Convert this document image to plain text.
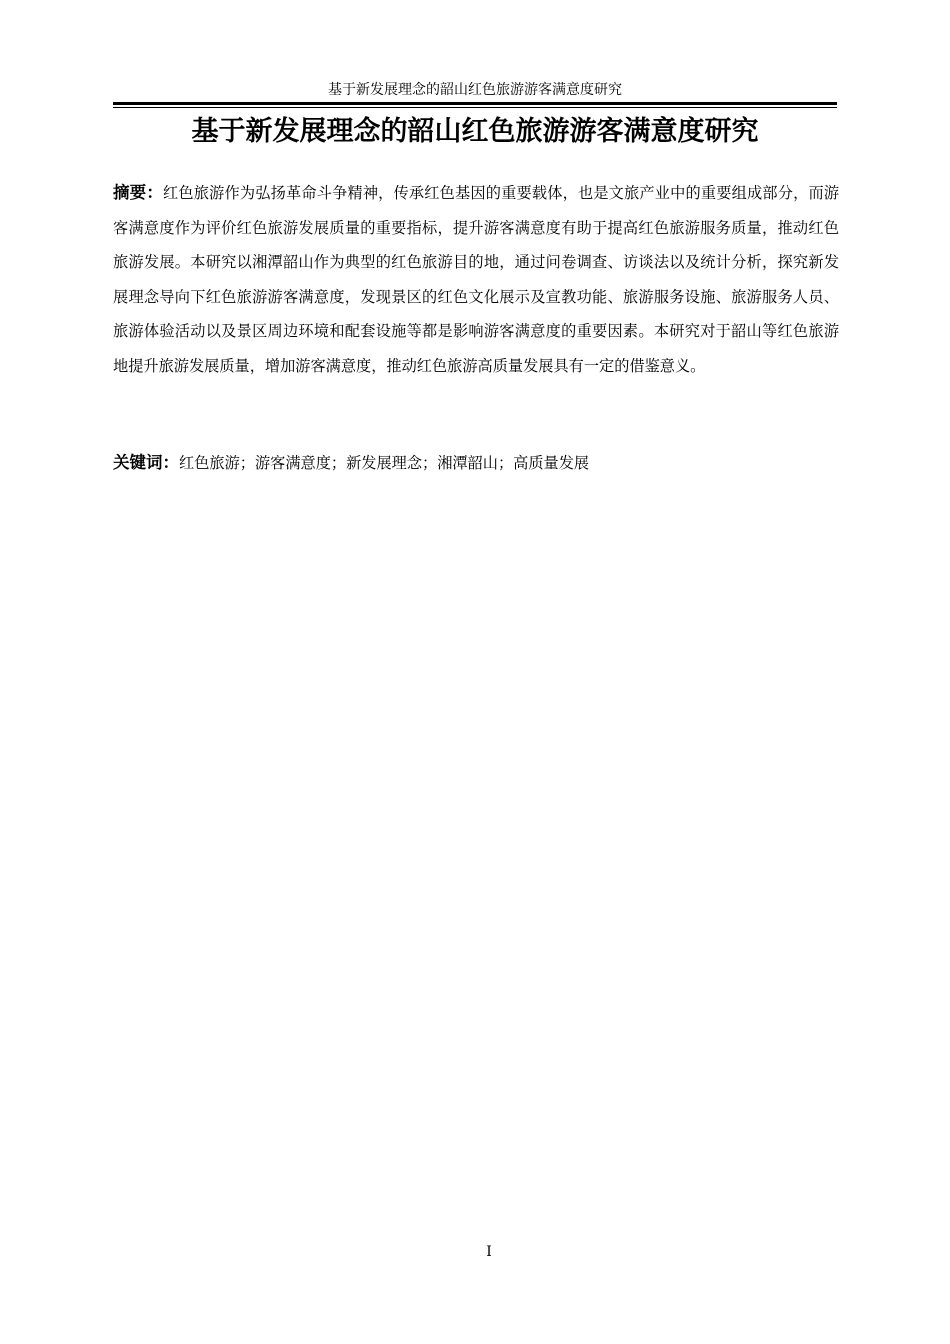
基于新发展理念的韶山红色旅游游客满意度研究
基于新发展理念的韶山红色旅游游客满意度研究

摘要：红色旅游作为弘扬革命斗争精神，传承红色基因的重要载体，也是文旅产业中的重要组成部分，而游客满意度作为评价红色旅游发展质量的重要指标，提升游客满意度有助于提高红色旅游服务质量，推动红色旅游发展。本研究以湘潭韶山作为典型的红色旅游目的地，通过问卷调查、访谈法以及统计分析，探究新发展理念导向下红色旅游游客满意度，发现景区的红色文化展示及宣教功能、旅游服务设施、旅游服务人员、旅游体验活动以及景区周边环境和配套设施等都是影响游客满意度的重要因素。本研究对于韶山等红色旅游地提升旅游发展质量，增加游客满意度，推动红色旅游高质量发展具有一定的借鉴意义。

关键词：红色旅游；游客满意度；新发展理念；湘潭韶山；高质量发展

I
